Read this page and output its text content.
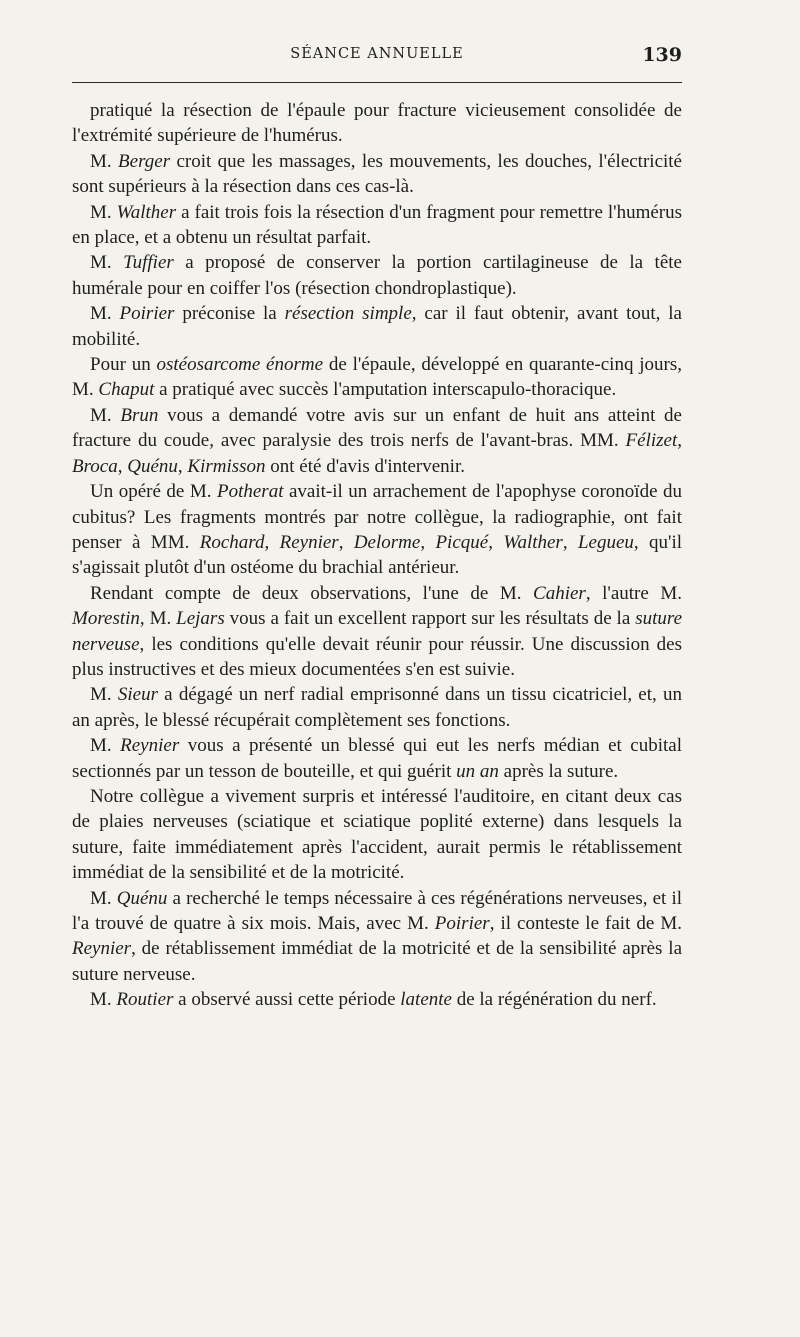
SÉANCE ANNUELLE	139

pratiqué la résection de l'épaule pour fracture vicieusement consolidée de l'extrémité supérieure de l'humérus.

M. Berger croit que les massages, les mouvements, les douches, l'électricité sont supérieurs à la résection dans ces cas-là.

M. Walther a fait trois fois la résection d'un fragment pour remettre l'humérus en place, et a obtenu un résultat parfait.

M. Tuffier a proposé de conserver la portion cartilagineuse de la tête humérale pour en coiffer l'os (résection chondroplastique).

M. Poirier préconise la résection simple, car il faut obtenir, avant tout, la mobilité.

Pour un ostéosarcome énorme de l'épaule, développé en quarante-cinq jours, M. Chaput a pratiqué avec succès l'amputation interscapulo-thoracique.

M. Brun vous a demandé votre avis sur un enfant de huit ans atteint de fracture du coude, avec paralysie des trois nerfs de l'avant-bras. MM. Félizet, Broca, Quénu, Kirmisson ont été d'avis d'intervenir.

Un opéré de M. Potherat avait-il un arrachement de l'apophyse coronoïde du cubitus? Les fragments montrés par notre collègue, la radiographie, ont fait penser à MM. Rochard, Reynier, Delorme, Picqué, Walther, Legueu, qu'il s'agissait plutôt d'un ostéome du brachial antérieur.

Rendant compte de deux observations, l'une de M. Cahier, l'autre M. Morestin, M. Lejars vous a fait un excellent rapport sur les résultats de la suture nerveuse, les conditions qu'elle devait réunir pour réussir. Une discussion des plus instructives et des mieux documentées s'en est suivie.

M. Sieur a dégagé un nerf radial emprisonné dans un tissu cicatriciel, et, un an après, le blessé récupérait complètement ses fonctions.

M. Reynier vous a présenté un blessé qui eut les nerfs médian et cubital sectionnés par un tesson de bouteille, et qui guérit un an après la suture.

Notre collègue a vivement surpris et intéressé l'auditoire, en citant deux cas de plaies nerveuses (sciatique et sciatique poplité externe) dans lesquels la suture, faite immédiatement après l'accident, aurait permis le rétablissement immédiat de la sensibilité et de la motricité.

M. Quénu a recherché le temps nécessaire à ces régénérations nerveuses, et il l'a trouvé de quatre à six mois. Mais, avec M. Poirier, il conteste le fait de M. Reynier, de rétablissement immédiat de la motricité et de la sensibilité après la suture nerveuse.

M. Routier a observé aussi cette période latente de la régénération du nerf.
